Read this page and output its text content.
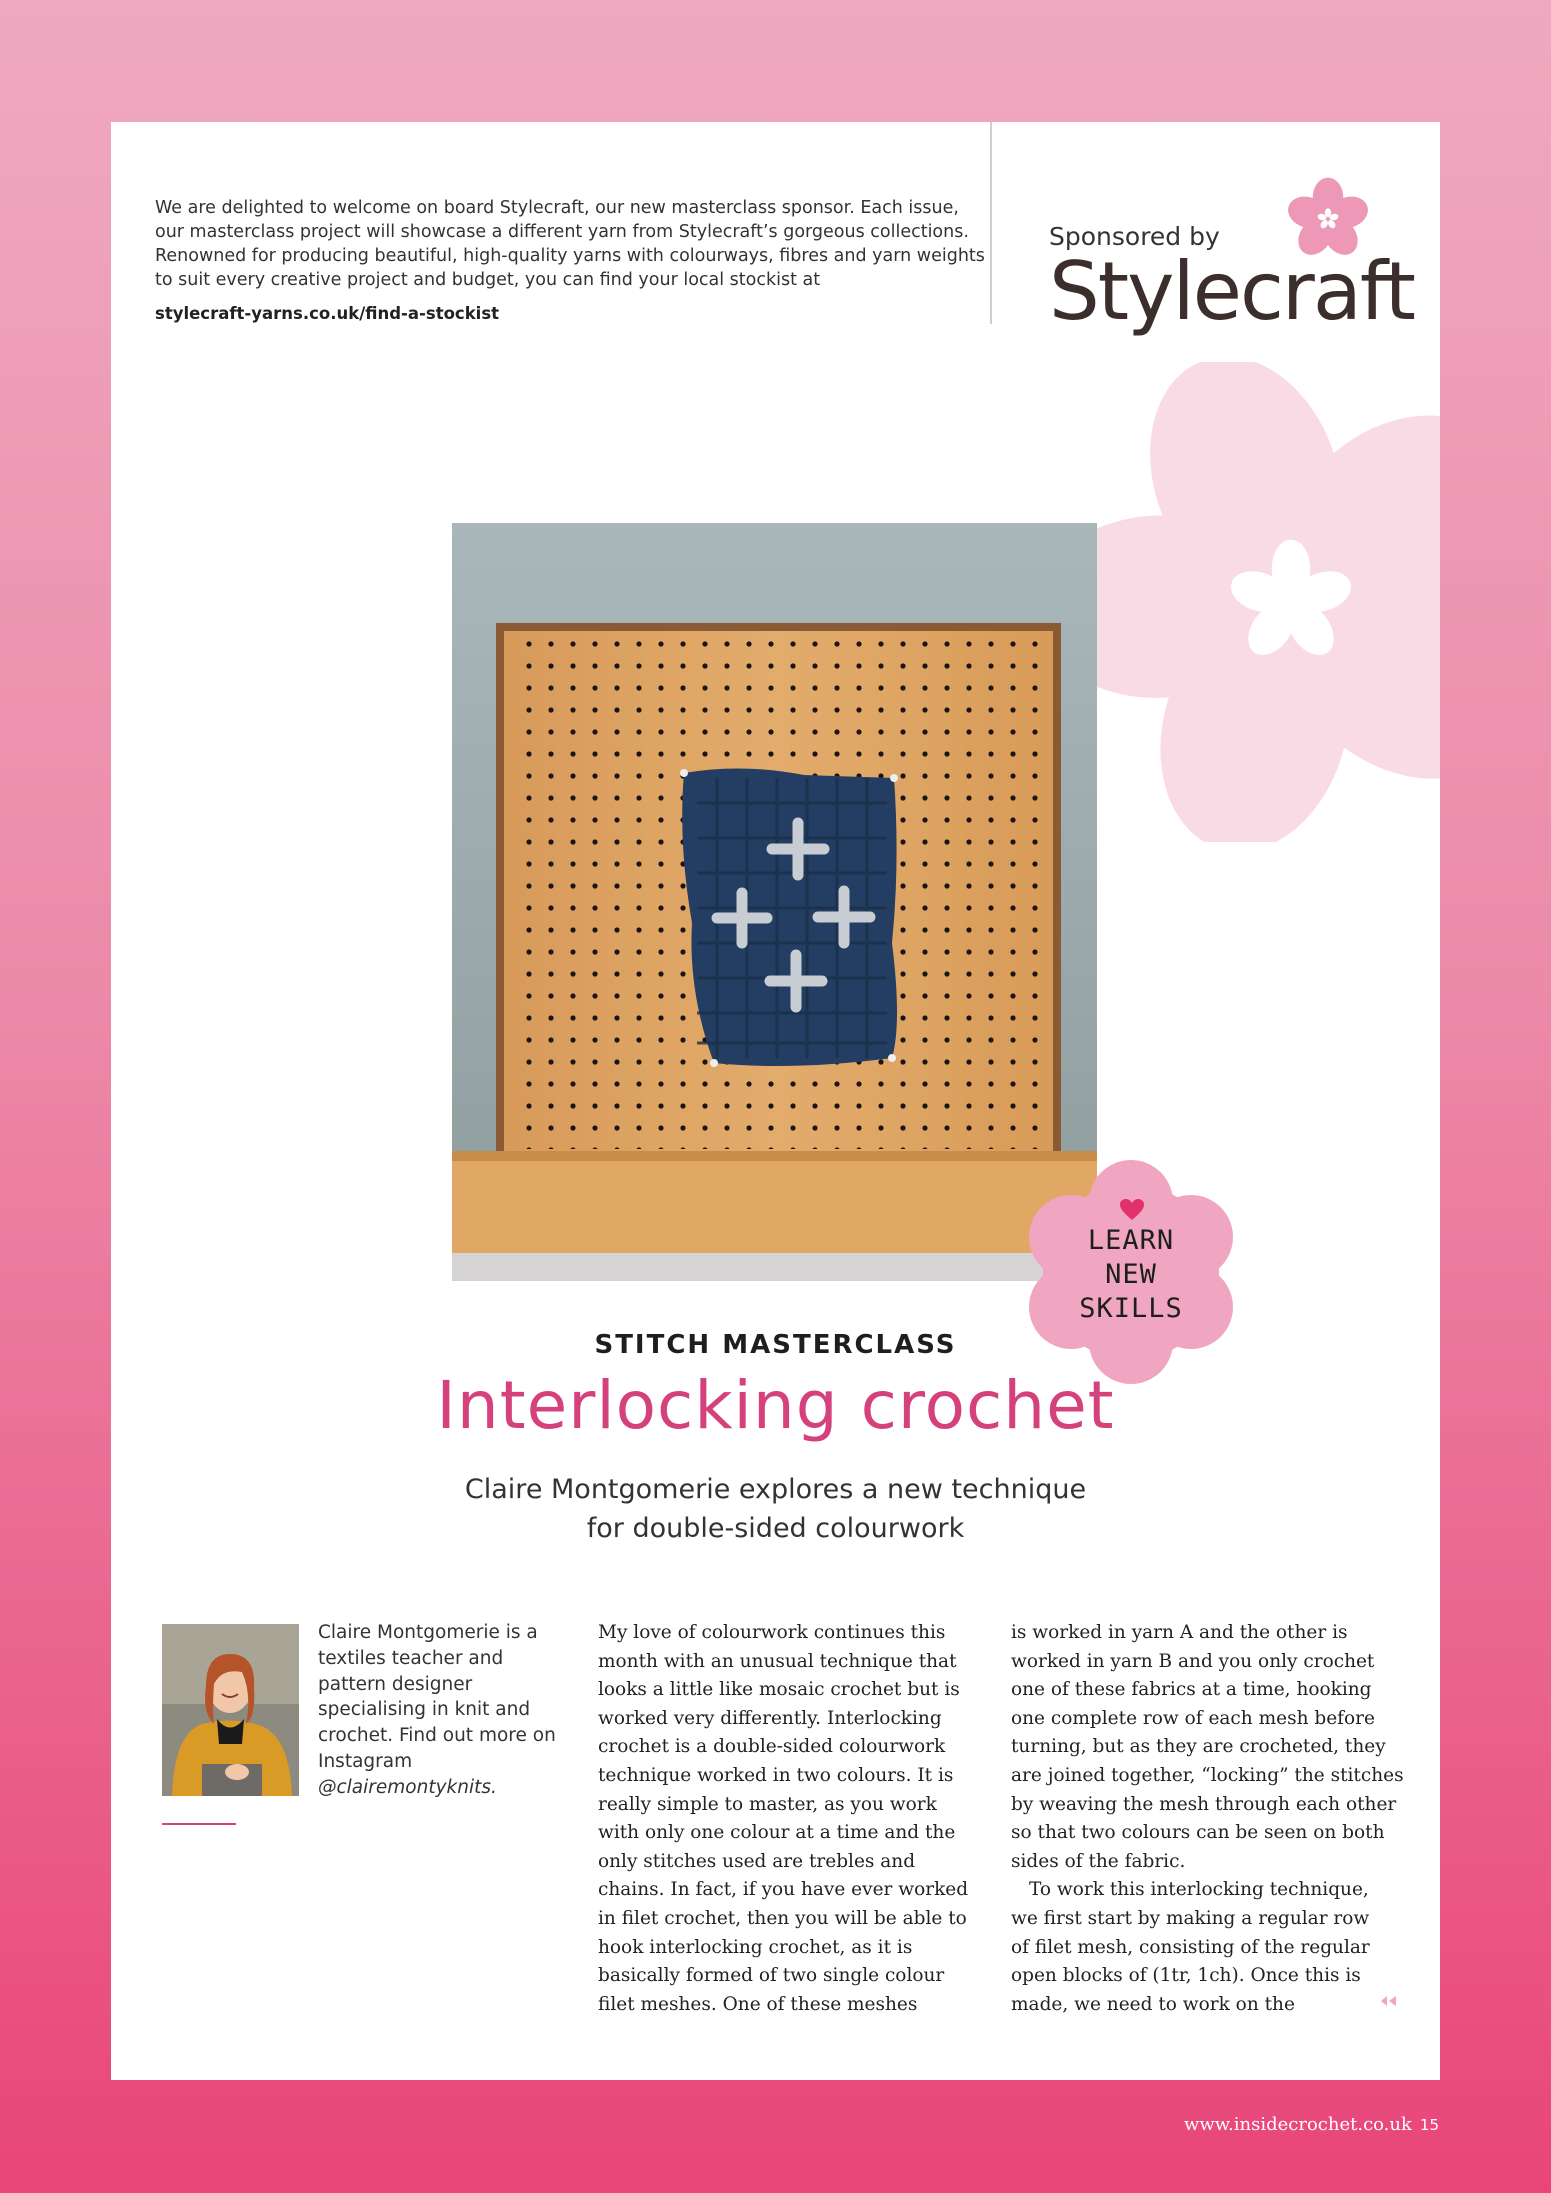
We are delighted to welcome on board Stylecraft, our new masterclass sponsor. Each issue, our masterclass project will showcase a different yarn from Stylecraft’s gorgeous collections. Renowned for producing beautiful, high-quality yarns with colourways, fibres and yarn weights to suit every creative project and budget, you can find your local stockist at

stylecraft-yarns.co.uk/find-a-stockist

Sponsored by
Stylecraft
LEARN
NEW
SKILLS
STITCH MASTERCLASS
Interlocking crochet
Claire Montgomerie explores a new technique
for double-sided colourwork

Claire Montgomerie is a textiles teacher and pattern designer specialising in knit and crochet. Find out more on Instagram

@clairemontyknits.

My love of colourwork continues this month with an unusual technique that looks a little like mosaic crochet but is worked very differently. Interlocking crochet is a double-sided colourwork technique worked in two colours. It is really simple to master, as you work with only one colour at a time and the only stitches used are trebles and chains. In fact, if you have ever worked in filet crochet, then you will be able to hook interlocking crochet, as it is basically formed of two single colour filet meshes. One of these meshes

is worked in yarn A and the other is worked in yarn B and you only crochet one of these fabrics at a time, hooking one complete row of each mesh before turning, but as they are crocheted, they are joined together, “locking” the stitches by weaving the mesh through each other so that two colours can be seen on both sides of the fabric.

To work this interlocking technique, we first start by making a regular row of filet mesh, consisting of the regular open blocks of (1tr, 1ch). Once this is made, we need to work on the

www.insidecrochet.co.uk 15
